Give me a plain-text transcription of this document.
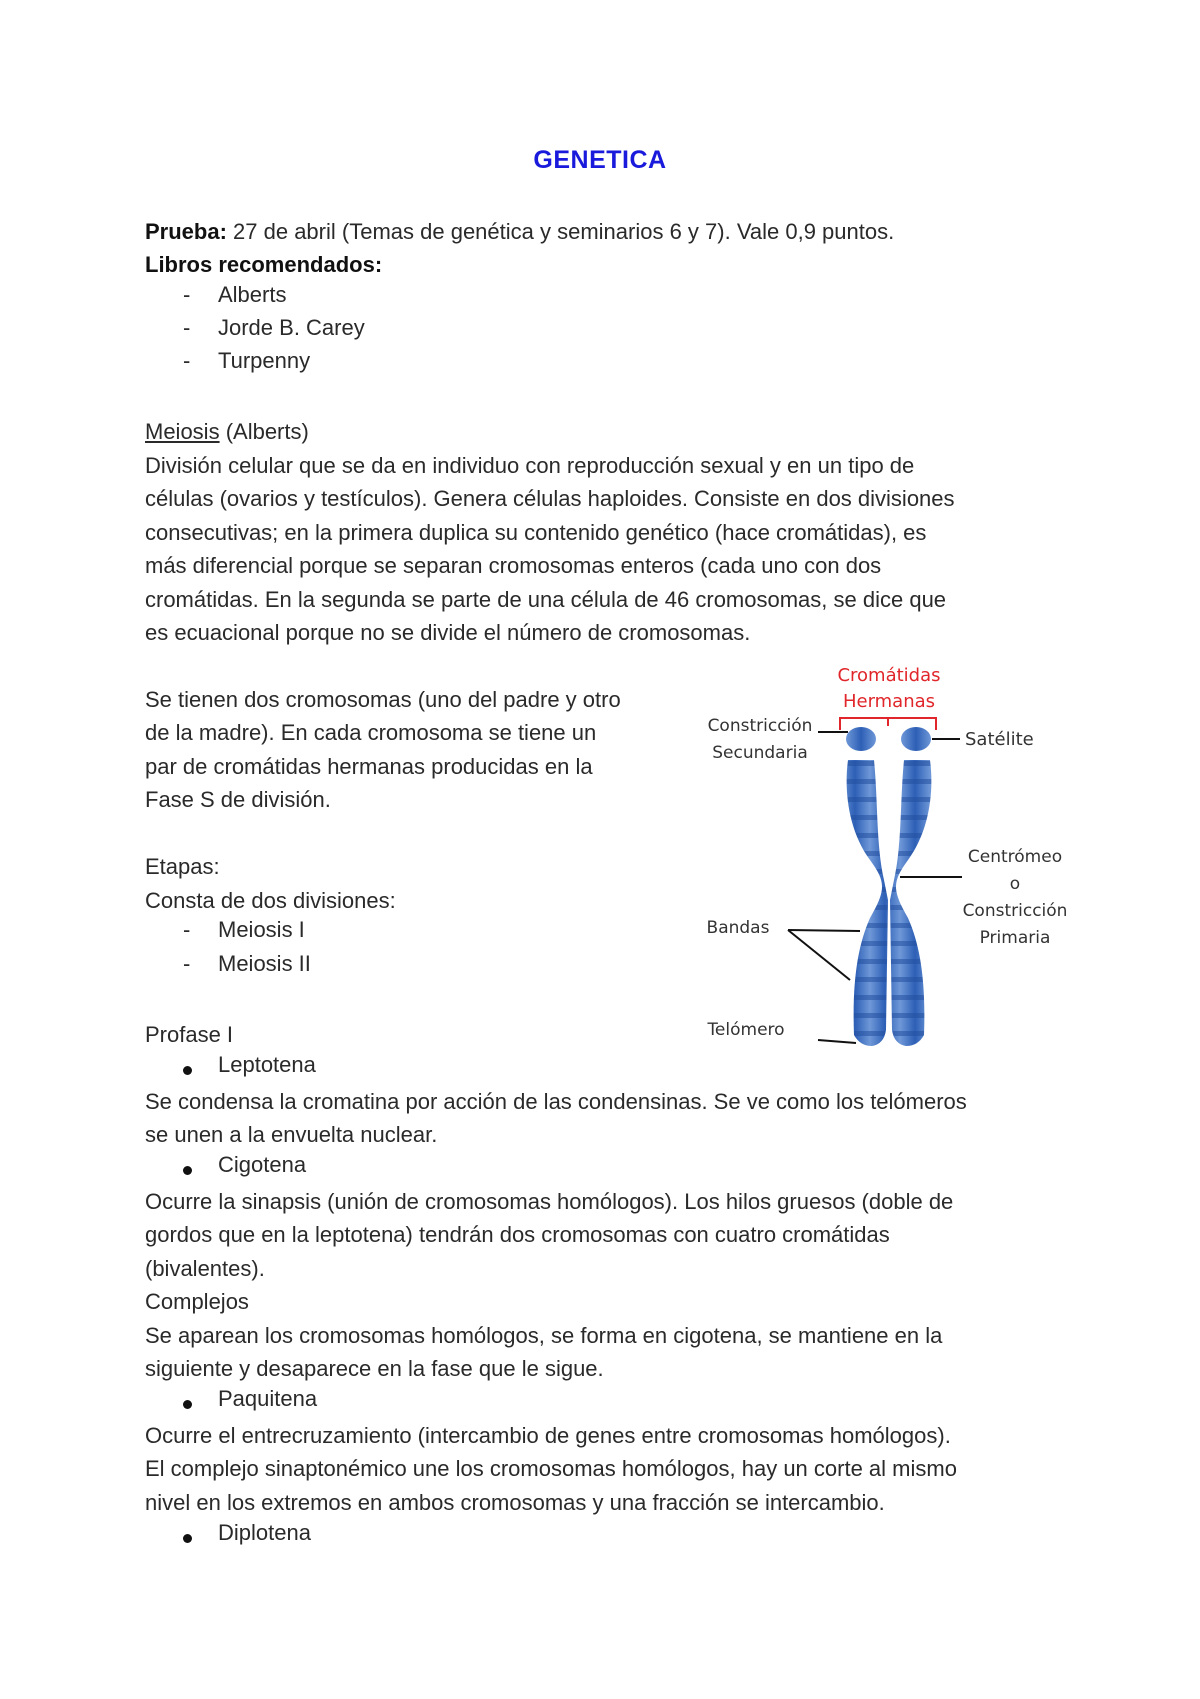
GENETICA
Prueba: 27 de abril (Temas de genética y seminarios 6 y 7). Vale 0,9 puntos.
Libros recomendados:
- Alberts
- Jorde B. Carey
- Turpenny
Meiosis (Alberts)
División celular que se da en individuo con reproducción sexual y en un tipo de
células (ovarios y testículos). Genera células haploides. Consiste en dos divisiones
consecutivas; en la primera duplica su contenido genético (hace cromátidas), es
más diferencial porque se separan cromosomas enteros (cada uno con dos
cromátidas. En la segunda se parte de una célula de 46 cromosomas, se dice que
es ecuacional porque no se divide el número de cromosomas.
Se tienen dos cromosomas (uno del padre y otro
de la madre). En cada cromosoma se tiene un
par de cromátidas hermanas producidas en la
Fase S de división.
Etapas:
Consta de dos divisiones:
- Meiosis I
- Meiosis II
Profase I
Leptotena
Se condensa la cromatina por acción de las condensinas. Se ve como los telómeros
se unen a la envuelta nuclear.
Cigotena
Ocurre la sinapsis (unión de cromosomas homólogos). Los hilos gruesos (doble de
gordos que en la leptotena) tendrán dos cromosomas con cuatro cromátidas
(bivalentes).
Complejos
Se aparean los cromosomas homólogos, se forma en cigotena, se mantiene en la
siguiente y desaparece en la fase que le sigue.
Paquitena
Ocurre el entrecruzamiento (intercambio de genes entre cromosomas homólogos).
El complejo sinaptonémico une los cromosomas homólogos, hay un corte al mismo
nivel en los extremos en ambos cromosomas y una fracción se intercambio.
Diplotena
Cromátidas
Hermanas
Constricción
Secundaria
Satélite
Centrómeo
o
Constricción
Primaria
Bandas
Telómero
